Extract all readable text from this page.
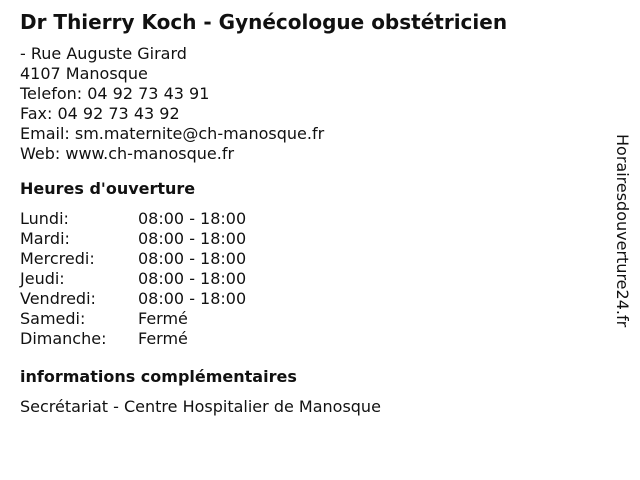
Dr Thierry Koch - Gynécologue obstétricien
- Rue Auguste Girard
4107 Manosque
Telefon: 04 92 73 43 91
Fax: 04 92 73 43 92
Email: sm.maternite@ch-manosque.fr
Web: www.ch-manosque.fr
Heures d'ouverture
Lundi:	08:00 - 18:00
Mardi:	08:00 - 18:00
Mercredi:	08:00 - 18:00
Jeudi:	08:00 - 18:00
Vendredi:	08:00 - 18:00
Samedi:	Fermé
Dimanche:	Fermé
informations complémentaires
Secrétariat - Centre Hospitalier de Manosque
Horairesdouverture24.fr
